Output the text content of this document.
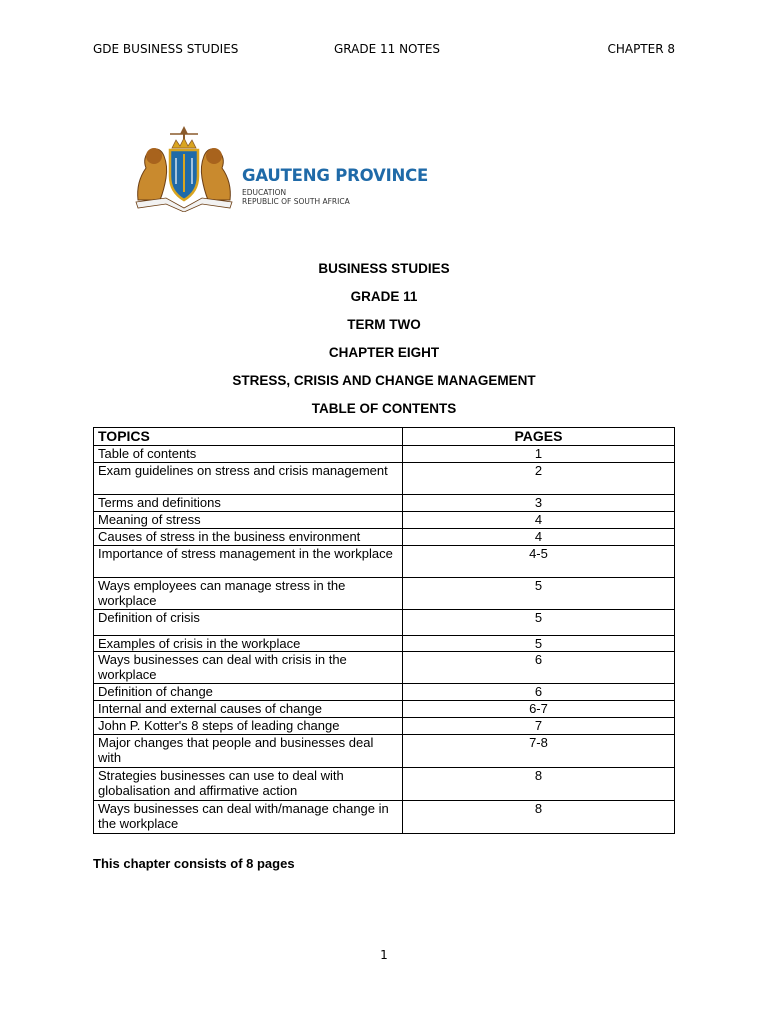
GDE BUSINESS STUDIES	GRADE 11 NOTES	CHAPTER 8
GAUTENG PROVINCE
EDUCATION
REPUBLIC OF SOUTH AFRICA
BUSINESS STUDIES
GRADE 11
TERM TWO
CHAPTER EIGHT
STRESS, CRISIS AND CHANGE MANAGEMENT
TABLE OF CONTENTS
TOPICS	PAGES
Table of contents	1
Exam guidelines on stress and crisis management	2
Terms and definitions	3
Meaning of stress	4
Causes of stress in the business environment	4
Importance of stress management in the workplace	4-5
Ways employees can manage stress in the workplace	5
Definition of crisis	5
Examples of crisis in the workplace	5
Ways businesses can deal with crisis in the workplace	6
Definition of change	6
Internal and external causes of change	6-7
John P. Kotter's 8 steps of leading change	7
Major changes that people and businesses deal with	7-8
Strategies businesses can use to deal with globalisation and affirmative action	8
Ways businesses can deal with/manage change in the workplace	8
This chapter consists of 8 pages
1
